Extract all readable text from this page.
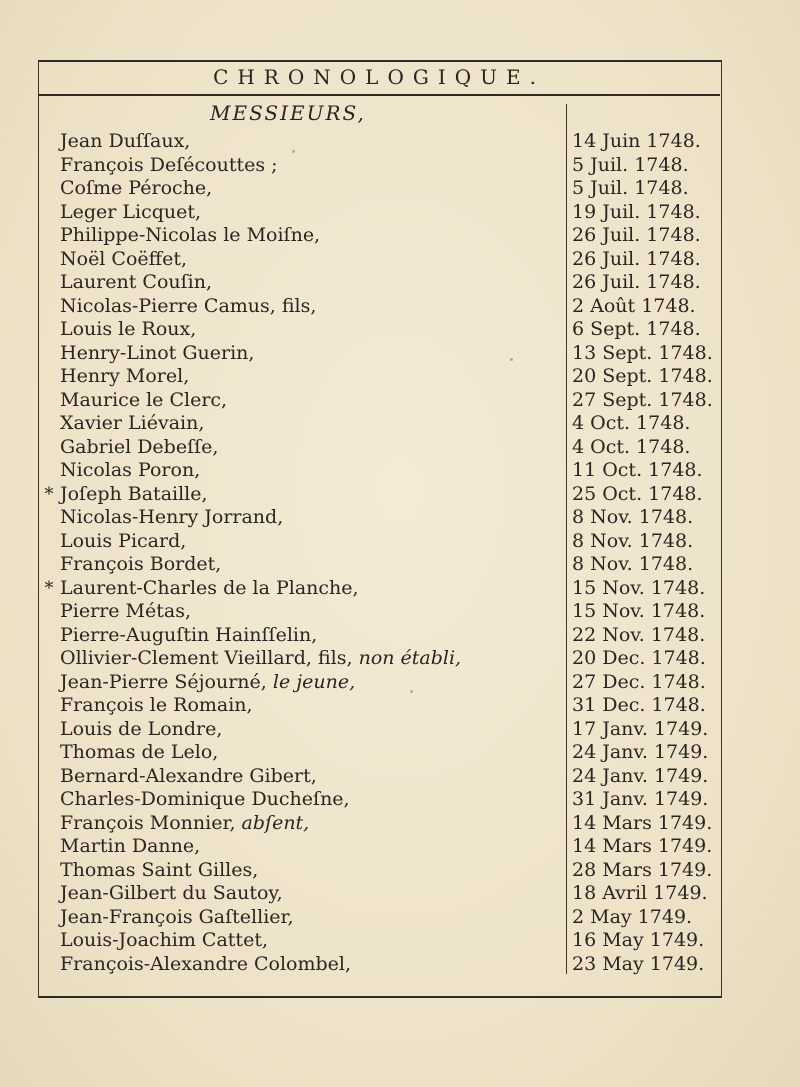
CHRONOLOGIQUE.
MESSIEURS,
Jean Duſſaux,	14 Juin 1748.
François Deſécouttes ;	5 Juil. 1748.
Coſme Péroche,	5 Juil. 1748.
Leger Licquet,	19 Juil. 1748.
Philippe-Nicolas le Moiſne,	26 Juil. 1748.
Noël Coëffet,	26 Juil. 1748.
Laurent Couſin,	26 Juil. 1748.
Nicolas-Pierre Camus, fils,	2 Août 1748.
Louis le Roux,	6 Sept. 1748.
Henry-Linot Guerin,	13 Sept. 1748.
Henry Morel,	20 Sept. 1748.
Maurice le Clerc,	27 Sept. 1748.
Xavier Liévain,	4 Oct. 1748.
Gabriel Debeſſe,	4 Oct. 1748.
Nicolas Poron,	11 Oct. 1748.
* Joſeph Bataille,	25 Oct. 1748.
Nicolas-Henry Jorrand,	8 Nov. 1748.
Louis Picard,	8 Nov. 1748.
François Bordet,	8 Nov. 1748.
* Laurent-Charles de la Planche,	15 Nov. 1748.
Pierre Métas,	15 Nov. 1748.
Pierre-Auguſtin Hainſſelin,	22 Nov. 1748.
Ollivier-Clement Vieillard, fils, non établi,	20 Dec. 1748.
Jean-Pierre Séjourné, le jeune,	27 Dec. 1748.
François le Romain,	31 Dec. 1748.
Louis de Londre,	17 Janv. 1749.
Thomas de Lelo,	24 Janv. 1749.
Bernard-Alexandre Gibert,	24 Janv. 1749.
Charles-Dominique Ducheſne,	31 Janv. 1749.
François Monnier, abſent,	14 Mars 1749.
Martin Danne,	14 Mars 1749.
Thomas Saint Gilles,	28 Mars 1749.
Jean-Gilbert du Sautoy,	18 Avril 1749.
Jean-François Gaſtellier,	2 May 1749.
Louis-Joachim Cattet,	16 May 1749.
François-Alexandre Colombel,	23 May 1749.
